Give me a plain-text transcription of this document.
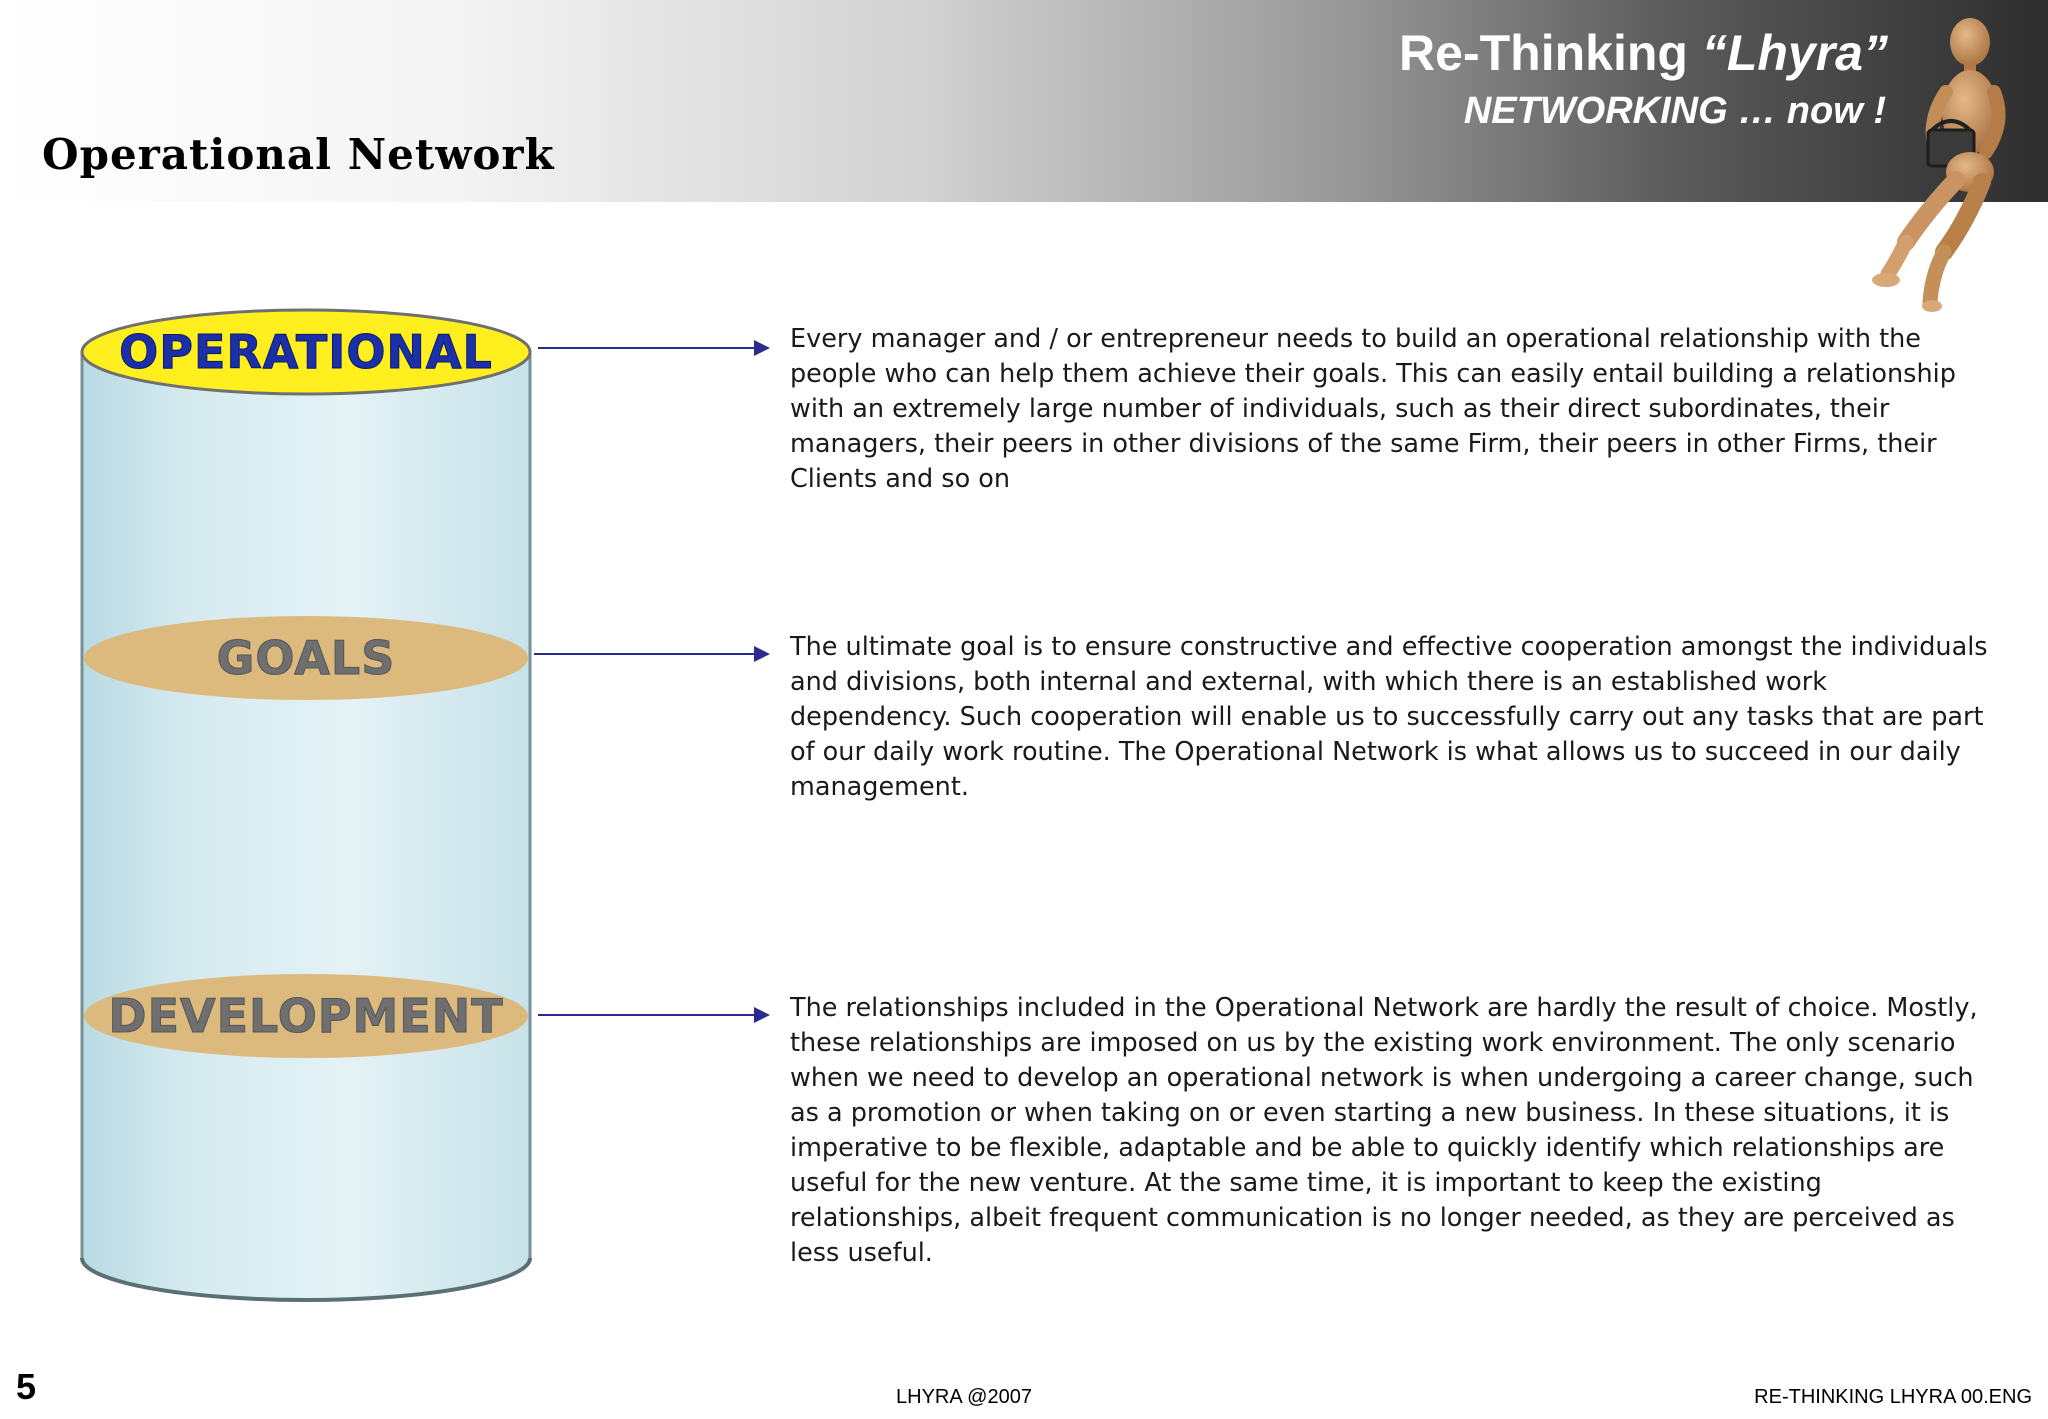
Operational Network
Re-Thinking “Lhyra”
NETWORKING … now !
OPERATIONAL
GOALS
DEVELOPMENT
Every manager and / or entrepreneur needs to build an operational relationship with the people who can help them achieve their goals. This can easily entail building a relationship with an extremely large number of individuals, such as their direct subordinates, their managers, their peers in other divisions of the same Firm, their peers in other Firms, their Clients and so on
The ultimate goal is to ensure constructive and effective cooperation amongst the individuals and divisions, both internal and external, with which there is an established work dependency. Such cooperation will enable us to successfully carry out any tasks that are part of our daily work routine. The Operational Network is what allows us to succeed in our daily management.
The relationships included in the Operational Network are hardly the result of choice. Mostly, these relationships are imposed on us by the existing work environment. The only scenario when we need to develop an operational network is when undergoing a career change, such as a promotion or when taking on or even starting a new business. In these situations, it is imperative to be flexible, adaptable and be able to quickly identify which relationships are useful for the new venture. At the same time, it is important to keep the existing relationships, albeit frequent communication is no longer needed, as they are perceived as less useful.
5	LHYRA @2007	RE-THINKING LHYRA 00.ENG
